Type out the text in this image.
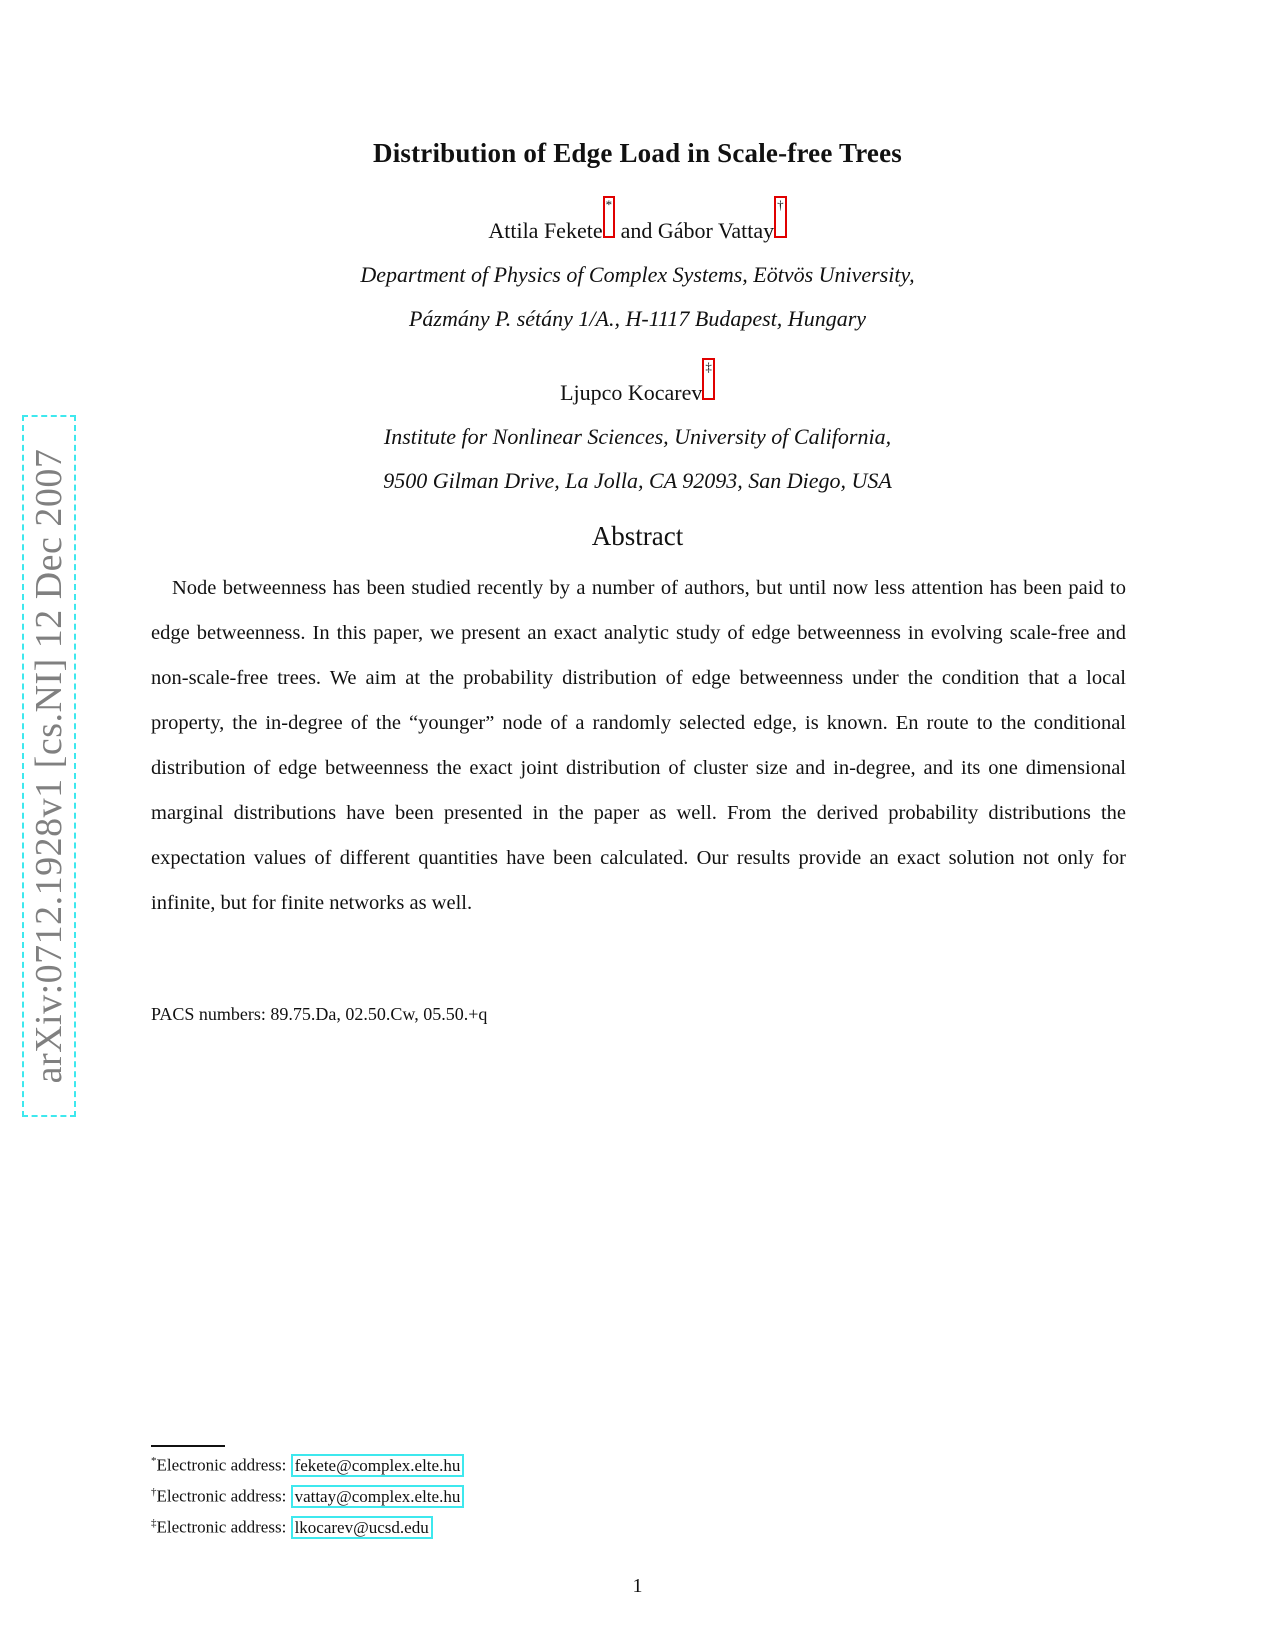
arXiv:0712.1928v1 [cs.NI] 12 Dec 2007
Distribution of Edge Load in Scale-free Trees
Attila Fekete* and Gábor Vattay†
Department of Physics of Complex Systems, Eötvös University,
Pázmány P. sétány 1/A., H-1117 Budapest, Hungary
Ljupco Kocarev‡
Institute for Nonlinear Sciences, University of California,
9500 Gilman Drive, La Jolla, CA 92093, San Diego, USA
Abstract
Node betweenness has been studied recently by a number of authors, but until now less attention has been paid to edge betweenness. In this paper, we present an exact analytic study of edge betweenness in evolving scale-free and non-scale-free trees. We aim at the probability distribution of edge betweenness under the condition that a local property, the in-degree of the “younger” node of a randomly selected edge, is known. En route to the conditional distribution of edge betweenness the exact joint distribution of cluster size and in-degree, and its one dimensional marginal distributions have been presented in the paper as well. From the derived probability distributions the expectation values of different quantities have been calculated. Our results provide an exact solution not only for infinite, but for finite networks as well.
PACS numbers: 89.75.Da, 02.50.Cw, 05.50.+q
*Electronic address: fekete@complex.elte.hu
†Electronic address: vattay@complex.elte.hu
‡Electronic address: lkocarev@ucsd.edu
1
